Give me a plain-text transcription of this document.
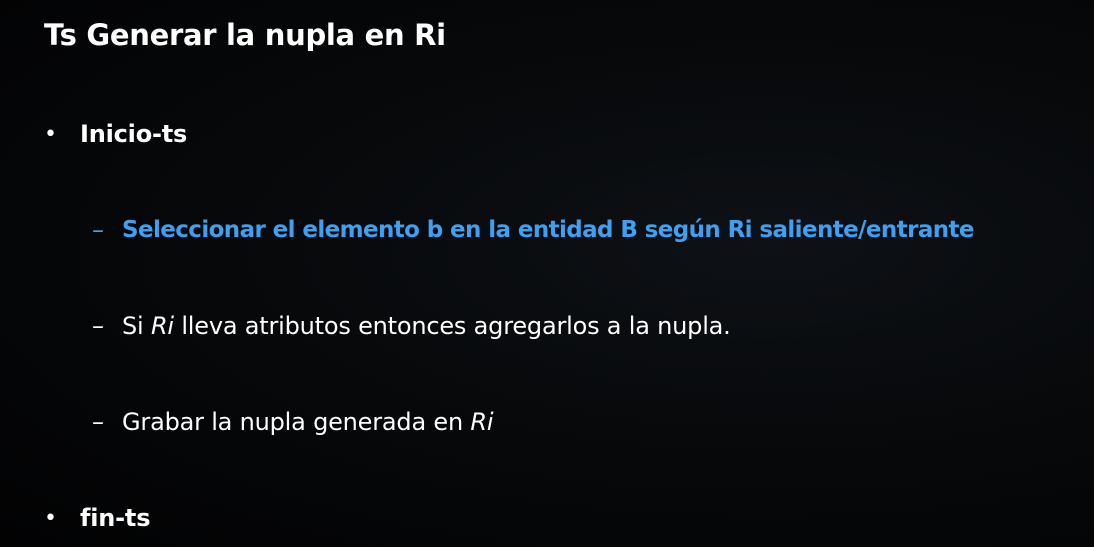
Ts Generar la nupla en Ri
• Inicio-ts
– Seleccionar el elemento b en la entidad B según Ri saliente/entrante
– Si Ri lleva atributos entonces agregarlos a la nupla.
– Grabar la nupla generada en Ri
• fin-ts
